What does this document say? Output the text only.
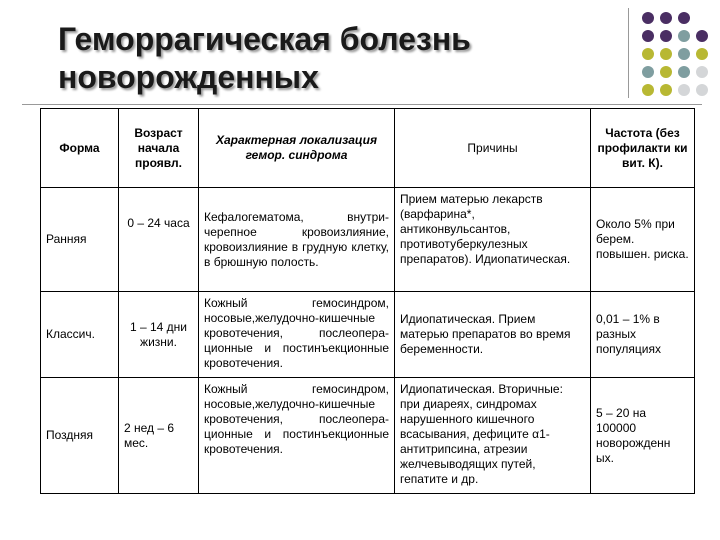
Геморрагическая болезнь
новорожденных
Форма	Возраст начала проявл.	Характерная локализация гемор. синдрома	Причины	Частота (без профилакти ки вит. К).
Ранняя	0 – 24 часа	Кефалогематома, внутри-черепное кровоизлияние, кровоизлияние в грудную клетку, в брюшную полость.	Прием матерью лекарств (варфарина*, антиконвульсантов, противотуберкулезных препаратов). Идиопатическая.	Около 5% при берем. повышен. риска.
Классич.	1 – 14 дни жизни.	Кожный гемосиндром, носовые,желудочно-кишечные кровотечения, послеопера-ционные и постинъекционные кровотечения.	Идиопатическая. Прием матерью препаратов во время беременности.	0,01 – 1% в разных популяциях
Поздняя	2 нед – 6 мес.	Кожный гемосиндром, носовые,желудочно-кишечные кровотечения, послеопера-ционные и постинъекционные кровотечения.	Идиопатическая. Вторичные: при диареях, синдромах нарушенного кишечного всасывания, дефиците α1-антитрипсина, атрезии желчевыводящих путей, гепатите и др.	5 – 20 на 100000 новорожденн ых.
